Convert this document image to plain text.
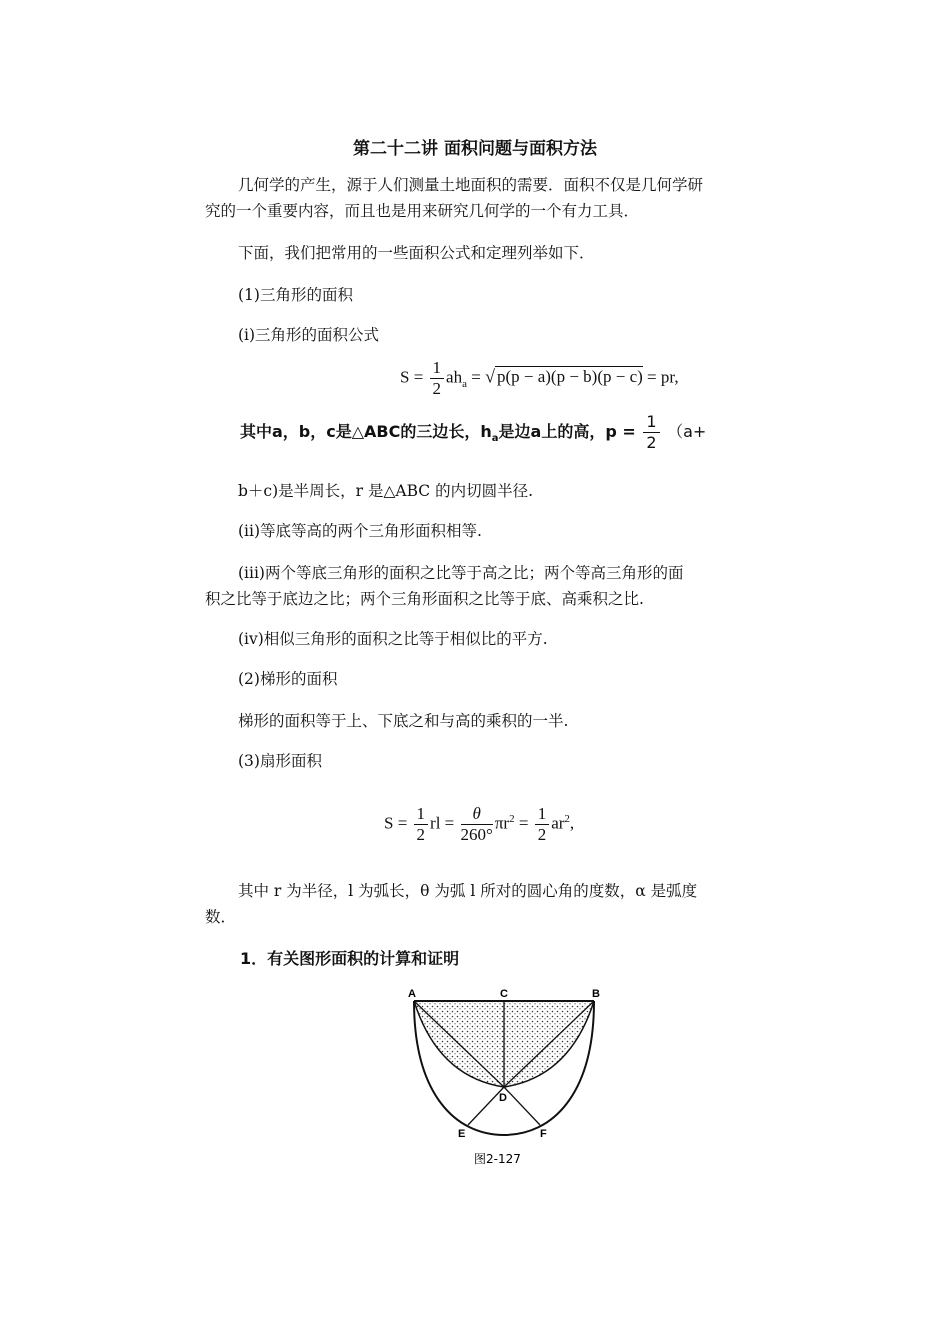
第二十二讲 面积问题与面积方法
几何学的产生，源于人们测量土地面积的需要．面积不仅是几何学研
究的一个重要内容，而且也是用来研究几何学的一个有力工具．
下面，我们把常用的一些面积公式和定理列举如下．
(1)三角形的面积
(i)三角形的面积公式
$S = \frac{1}{2} ah_a$ = √ p(p − a)(p − b)(p − c) = pr,
其中a，b，c是△ABC的三边长，$h_a$是边a上的高，$p = \frac{1}{2} (a+$
b＋c)是半周长，r 是△ABC 的内切圆半径.
(ii)等底等高的两个三角形面积相等.
(iii)两个等底三角形的面积之比等于高之比；两个等高三角形的面
积之比等于底边之比；两个三角形面积之比等于底、高乘积之比.
(iv)相似三角形的面积之比等于相似比的平方.
(2)梯形的面积
梯形的面积等于上、下底之和与高的乘积的一半.
(3)扇形面积
$S = \frac{1}{2}$ rl = $\frac{\theta}{260^\circ} \pi r^2 = \frac{1}{2} ar^2$,
其中 r 为半径，l 为弧长，θ 为弧 l 所对的圆心角的度数，α 是弧度
数．
1．有关图形面积的计算和证明
A	C	B
D
E	F
图2-127
